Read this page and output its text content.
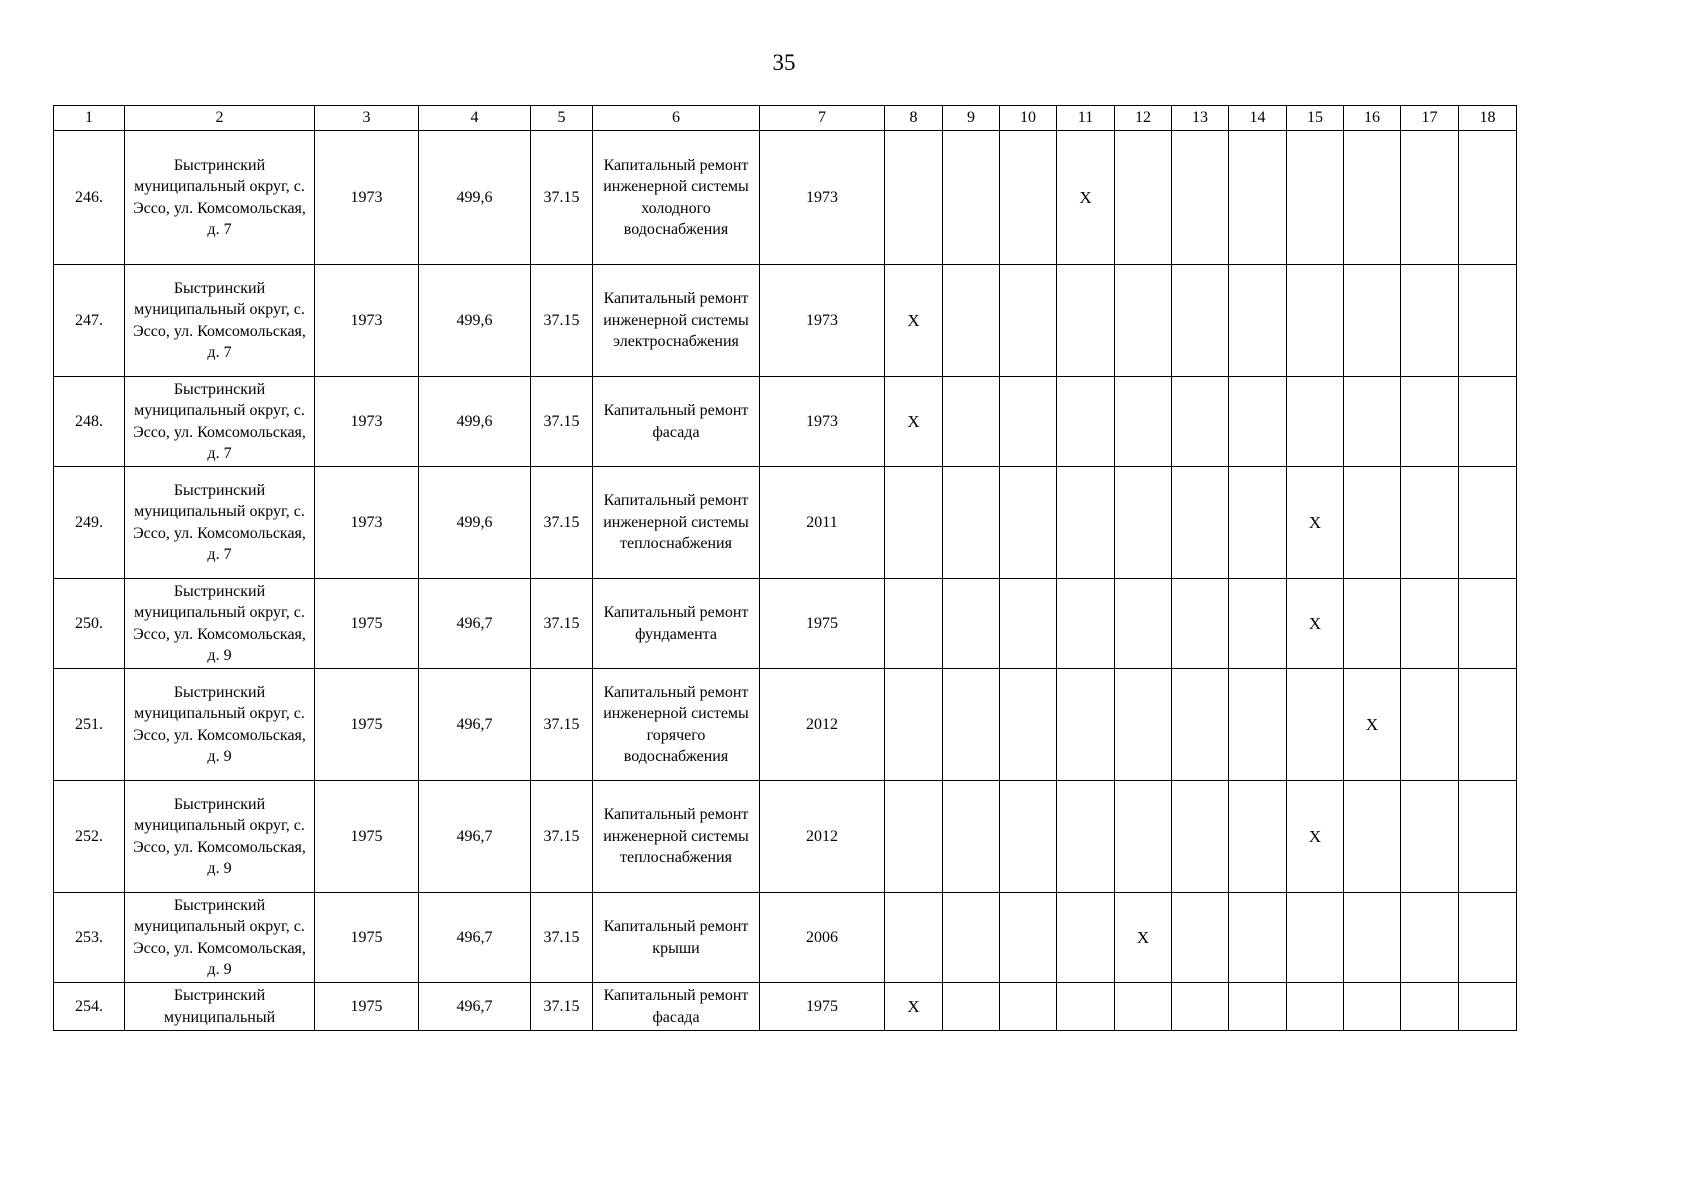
35
1	2	3	4	5	6	7	8	9	10	11	12	13	14	15	16	17	18
246.	Быстринский муниципальный округ, с. Эссо, ул. Комсомольская, д. 7	1973	499,6	37.15	Капитальный ремонт инженерной системы холодного водоснабжения	1973				X							
247.	Быстринский муниципальный округ, с. Эссо, ул. Комсомольская, д. 7	1973	499,6	37.15	Капитальный ремонт инженерной системы электроснабжения	1973	X										
248.	Быстринский муниципальный округ, с. Эссо, ул. Комсомольская, д. 7	1973	499,6	37.15	Капитальный ремонт фасада	1973	X										
249.	Быстринский муниципальный округ, с. Эссо, ул. Комсомольская, д. 7	1973	499,6	37.15	Капитальный ремонт инженерной системы теплоснабжения	2011								X			
250.	Быстринский муниципальный округ, с. Эссо, ул. Комсомольская, д. 9	1975	496,7	37.15	Капитальный ремонт фундамента	1975								X			
251.	Быстринский муниципальный округ, с. Эссо, ул. Комсомольская, д. 9	1975	496,7	37.15	Капитальный ремонт инженерной системы горячего водоснабжения	2012									X		
252.	Быстринский муниципальный округ, с. Эссо, ул. Комсомольская, д. 9	1975	496,7	37.15	Капитальный ремонт инженерной системы теплоснабжения	2012								X			
253.	Быстринский муниципальный округ, с. Эссо, ул. Комсомольская, д. 9	1975	496,7	37.15	Капитальный ремонт крыши	2006					X						
254.	Быстринский муниципальный	1975	496,7	37.15	Капитальный ремонт фасада	1975	X										
